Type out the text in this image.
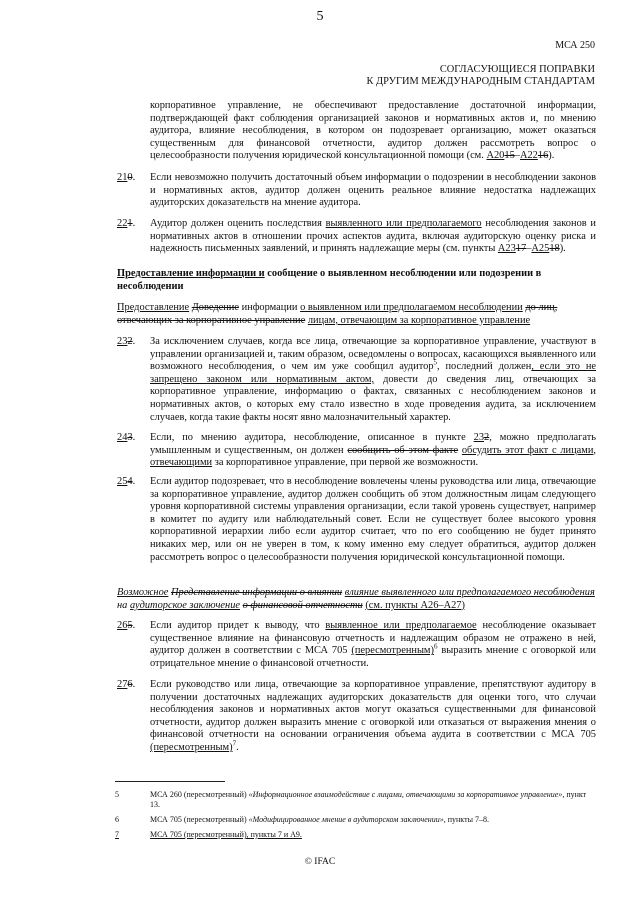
5
МСА 250
СОГЛАСУЮЩИЕСЯ ПОПРАВКИ
К ДРУГИМ МЕЖДУНАРОДНЫМ СТАНДАРТАМ
корпоративное управление, не обеспечивают предоставление достаточной информации, подтверждающей факт соблюдения организацией законов и нормативных актов и, по мнению аудитора, влияние несоблюдения, в котором он подозревает организацию, может оказаться существенным для финансовой отчетности, аудитор должен рассмотреть вопрос о целесообразности получения юридической консультационной помощи (см. A2015–A2216).
210. Если невозможно получить достаточный объем информации о подозрении в несоблюдении законов и нормативных актов, аудитор должен оценить реальное влияние недостатка надлежащих аудиторских доказательств на мнение аудитора.
221. Аудитор должен оценить последствия выявленного или предполагаемого несоблюдения законов и нормативных актов в отношении прочих аспектов аудита, включая аудиторскую оценку риска и надежность письменных заявлений, и принять надлежащие меры (см. пункты A2317–A2518).
Предоставление информации и сообщение о выявленном несоблюдении или подозрении в несоблюдении
Предоставление Доведение информации о выявленном или предполагаемом несоблюдении до лиц, отвечающих за корпоративное управление лицам, отвечающим за корпоративное управление
232. За исключением случаев, когда все лица, отвечающие за корпоративное управление, участвуют в управлении организацией и, таким образом, осведомлены о вопросах, касающихся выявленного или возможного несоблюдения, о чем им уже сообщил аудитор$^5$, последний должен, если это не запрещено законом или нормативным актом, довести до сведения лиц, отвечающих за корпоративное управление, информацию о фактах, связанных с несоблюдением законов и нормативных актов, о которых ему стало известно в ходе проведения аудита, за исключением случаев, когда такие факты носят явно малозначительный характер.
243. Если, по мнению аудитора, несоблюдение, описанное в пункте 232, можно предполагать умышленным и существенным, он должен сообщить об этом факте обсудить этот факт с лицами, отвечающими за корпоративное управление, при первой же возможности.
254. Если аудитор подозревает, что в несоблюдение вовлечены члены руководства или лица, отвечающие за корпоративное управление, аудитор должен сообщить об этом должностным лицам следующего уровня корпоративной системы управления организации, если такой уровень существует, например в комитет по аудиту или наблюдательный совет. Если не существует более высокого уровня корпоративной иерархии либо если аудитор считает, что по его сообщению не будет принято никаких мер, или он не уверен в том, к кому именно ему следует обратиться, аудитор должен рассмотреть вопрос о целесообразности получения юридической консультационной помощи.
Возможное Представление информации о влиянии влияние выявленного или предполагаемого несоблюдения на аудиторское заключение о финансовой отчетности (см. пункты A26–A27)
265. Если аудитор придет к выводу, что выявленное или предполагаемое несоблюдение оказывает существенное влияние на финансовую отчетность и надлежащим образом не отражено в ней, аудитор должен в соответствии с МСА 705 (пересмотренным)$^6$ выразить мнение с оговоркой или отрицательное мнение о финансовой отчетности.
276. Если руководство или лица, отвечающие за корпоративное управление, препятствуют аудитору в получении достаточных надлежащих аудиторских доказательств для оценки того, что случаи несоблюдения законов и нормативных актов могут оказаться существенными для финансовой отчетности, аудитор должен выразить мнение с оговоркой или отказаться от выражения мнения о финансовой отчетности на основании ограничения объема аудита в соответствии с МСА 705 (пересмотренным)$^7$.
5	МСА 260 (пересмотренный) «Информационное взаимодействие с лицами, отвечающими за корпоративное управление», пункт 13.
6	МСА 705 (пересмотренный) «Модифицированное мнение в аудиторском заключении», пункты 7–8.
7	МСА 705 (пересмотренный), пункты 7 и A9.
© IFAC
